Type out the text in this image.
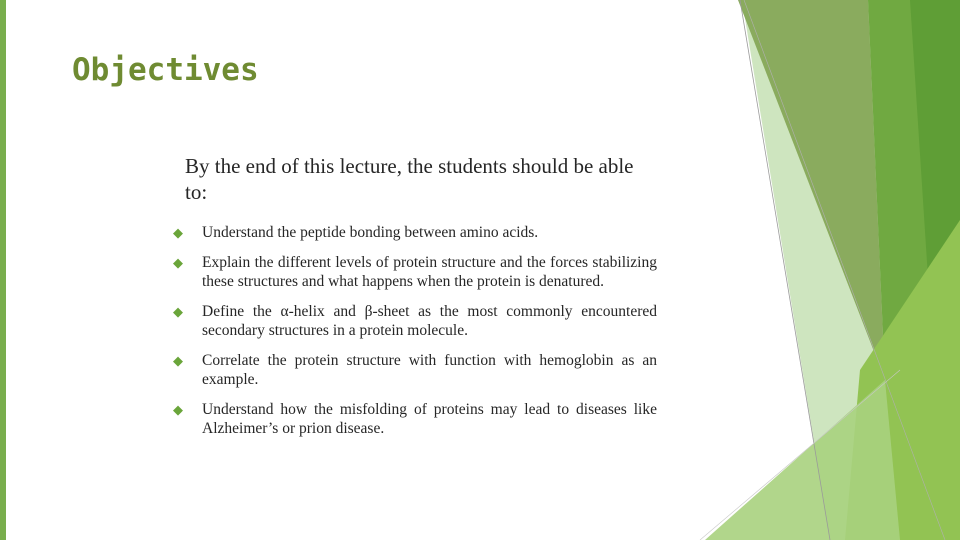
Objectives

By the end of this lecture, the students should be able to:

◆ Understand the peptide bonding between amino acids.
◆ Explain the different levels of protein structure and the forces stabilizing these structures and what happens when the protein is denatured.
◆ Define the α-helix and β-sheet as the most commonly encountered secondary structures in a protein molecule.
◆ Correlate the protein structure with function with hemoglobin as an example.
◆ Understand how the misfolding of proteins may lead to diseases like Alzheimer’s or prion disease.
